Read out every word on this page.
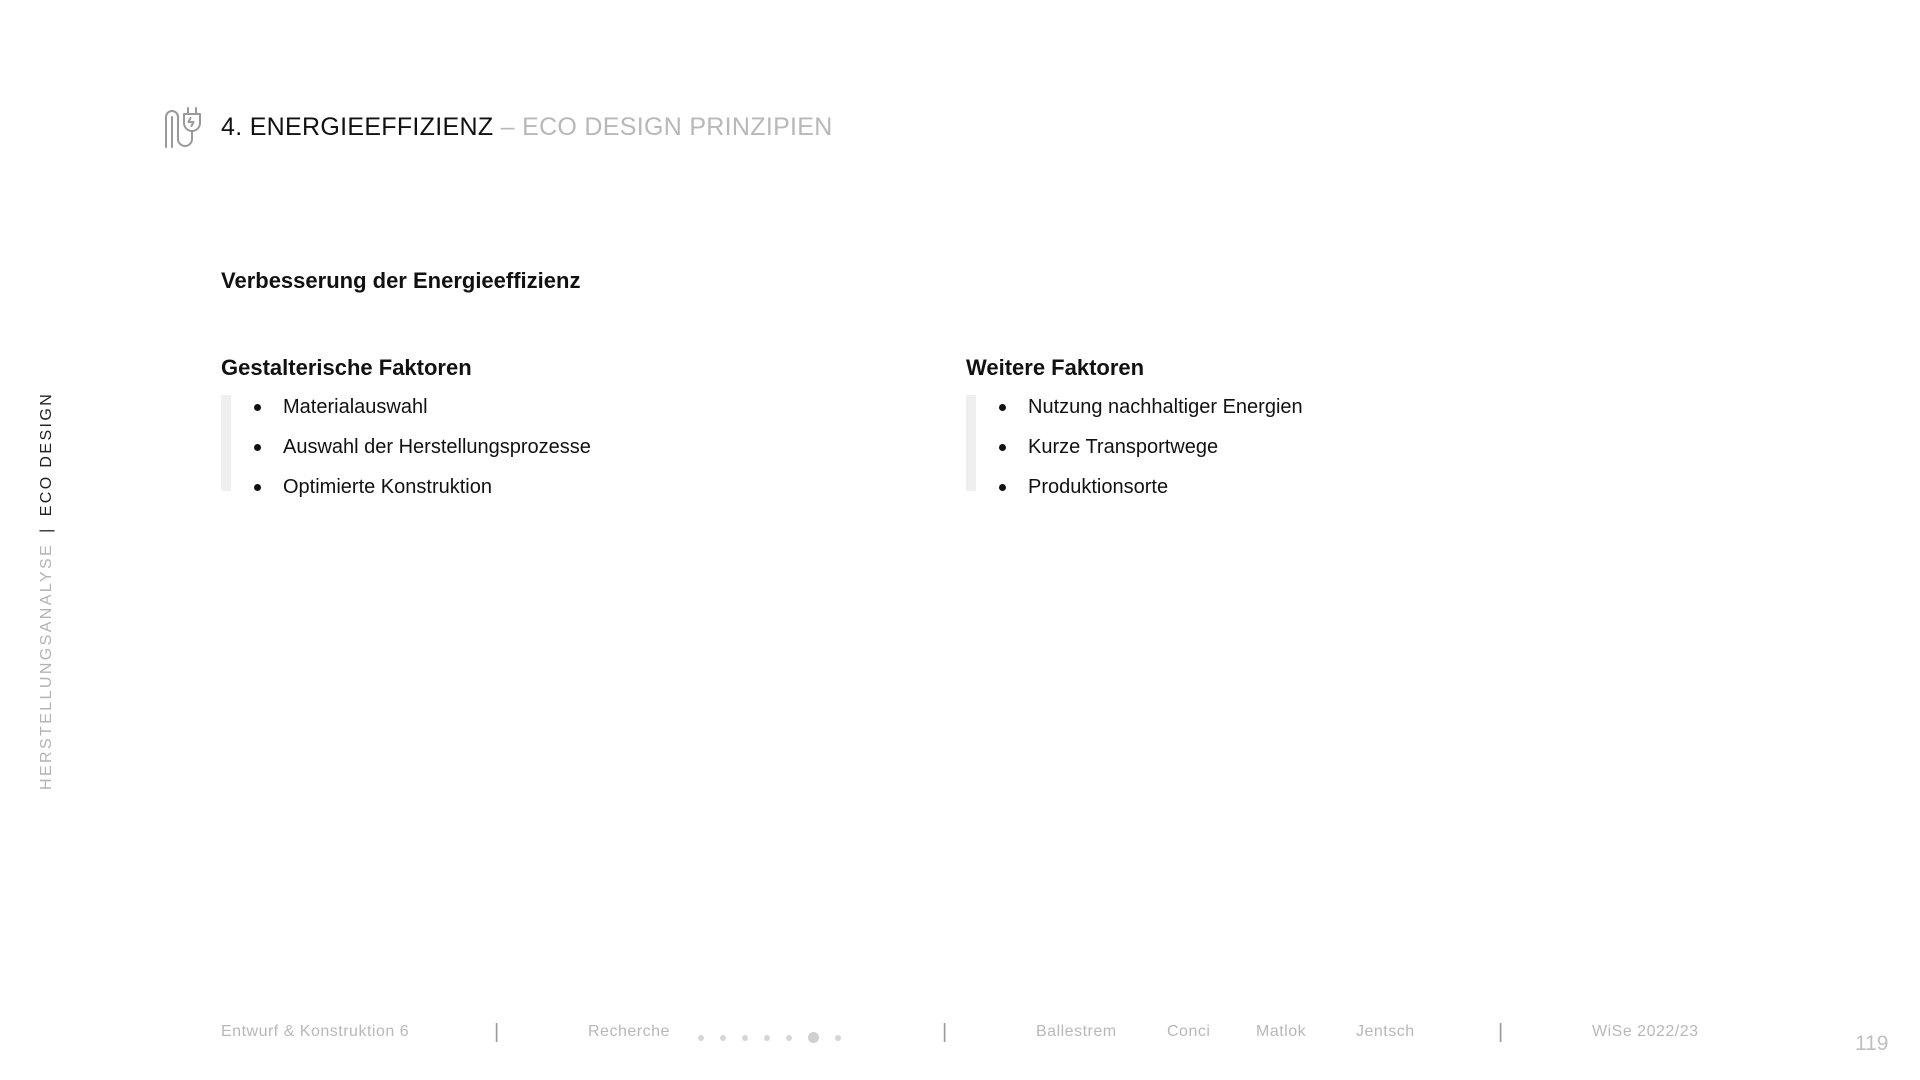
4. ENERGIEEFFIZIENZ – ECO DESIGN PRINZIPIEN
Verbesserung der Energieeffizienz
Gestalterische Faktoren
Materialauswahl
Auswahl der Herstellungsprozesse
Optimierte Konstruktion
Weitere Faktoren
Nutzung nachhaltiger Energien
Kurze Transportwege
Produktionsorte
HERSTELLUNGSANALYSE|ECO DESIGN
Entwurf & Konstruktion 6	|	Recherche	|	Ballestrem	Conci	Matlok	Jentsch	|	WiSe 2022/23
119
